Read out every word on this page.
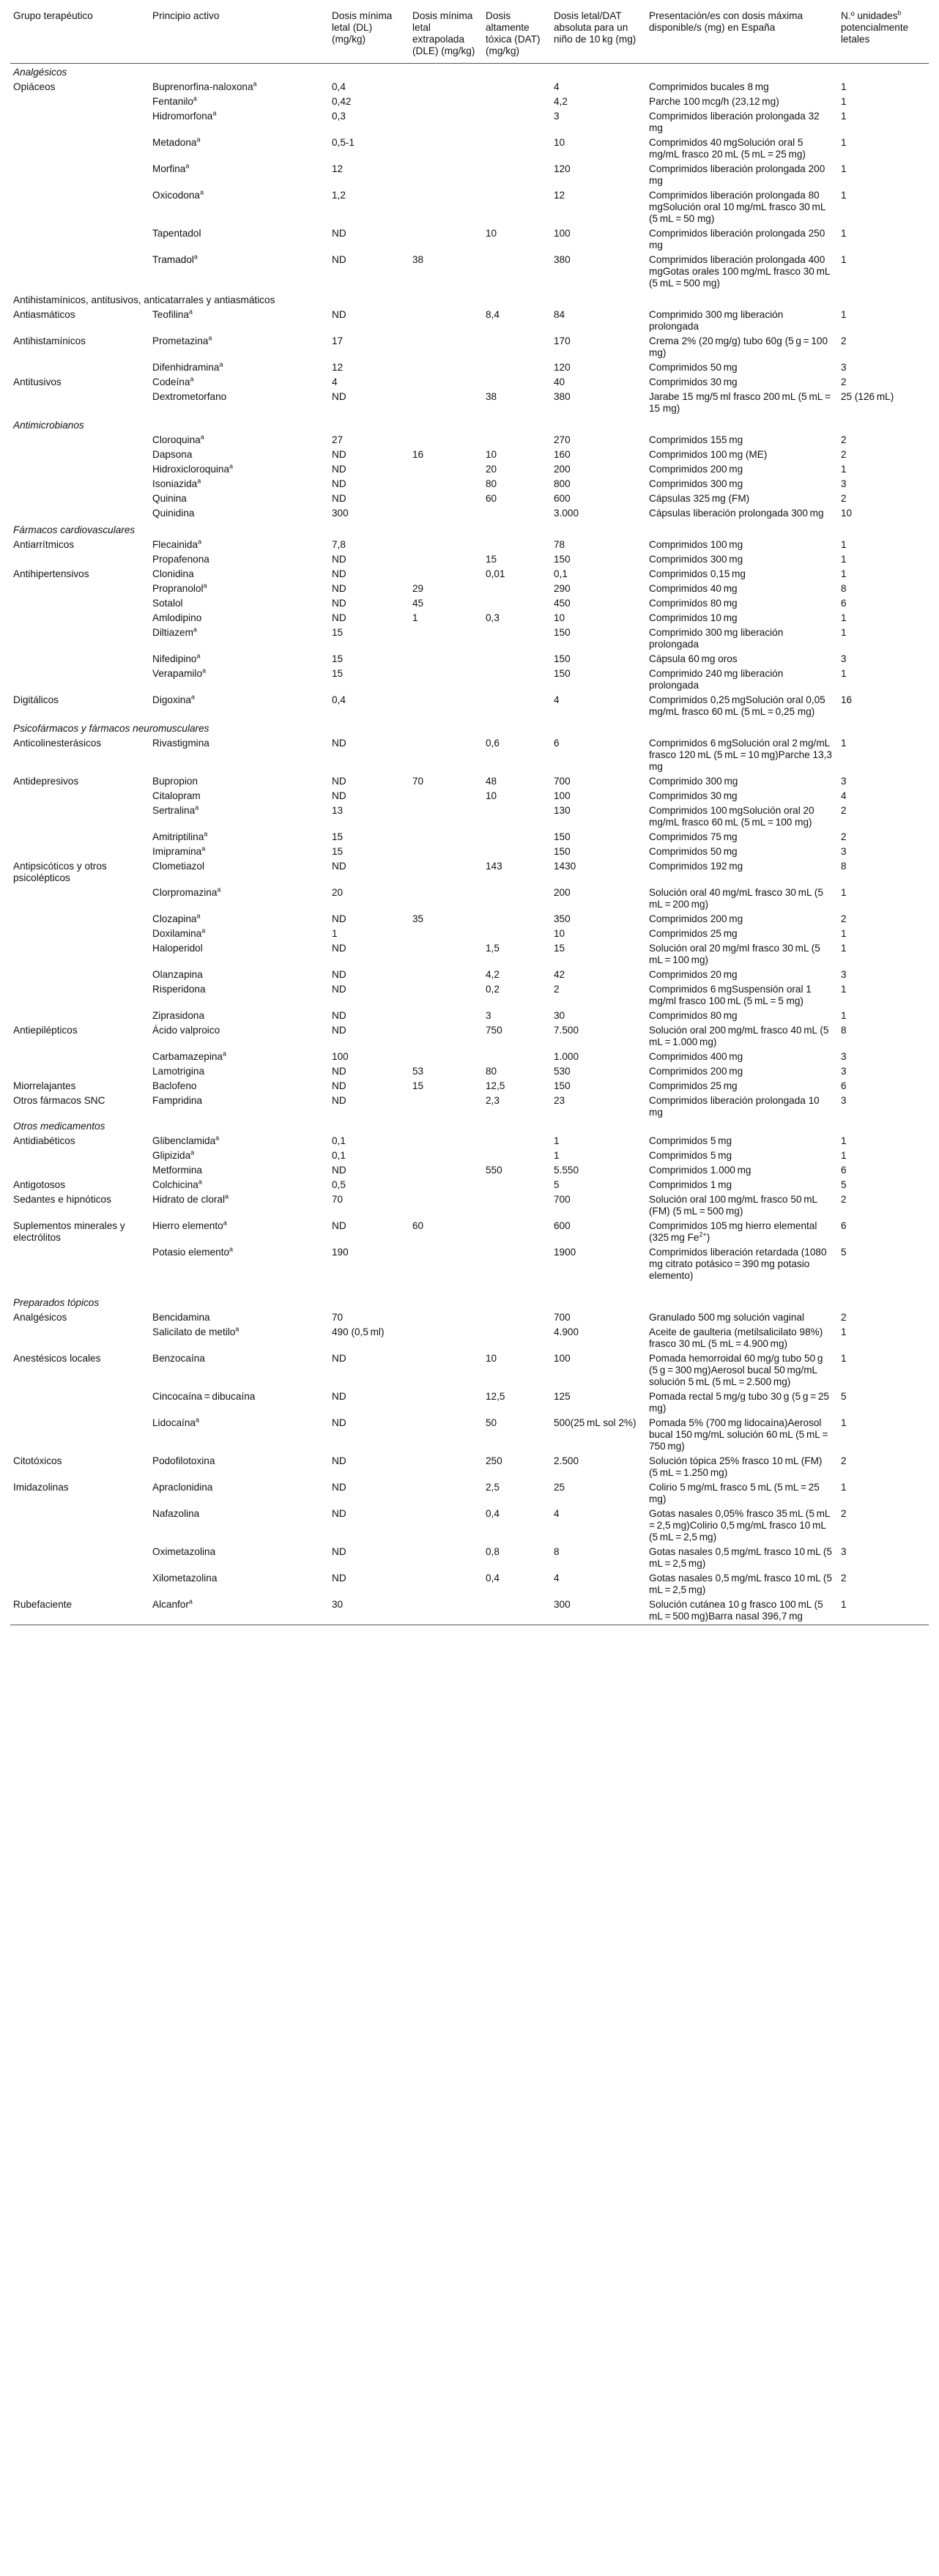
Grupo terapéutico	Principio activo	Dosis mínima letal (DL) (mg/kg)	Dosis mínima letal extrapolada (DLE) (mg/kg)	Dosis altamente tóxica (DAT) (mg/kg)	Dosis letal/DAT absoluta para un niño de 10 kg (mg)	Presentación/es con dosis máxima disponible/s (mg) en España	N.º unidades$^b$ potencialmente letales
Analgésicos							
Opiáceos	Buprenorfina-naloxona$^a$	0,4			4	Comprimidos bucales 8 mg	1
	Fentanilo$^a$	0,42			4,2	Parche 100 mcg/h (23,12 mg)	1
	Hidromorfona$^a$	0,3			3	Comprimidos liberación prolongada 32 mg	1
	Metadona$^a$	0,5-1			10	Comprimidos 40 mgSolución oral 5 mg/mL frasco 20 mL (5 mL = 25 mg)	1
	Morfina$^a$	12			120	Comprimidos liberación prolongada 200 mg	1
	Oxicodona$^a$	1,2			12	Comprimidos liberación prolongada 80 mgSolución oral 10 mg/mL frasco 30 mL (5 mL = 50 mg)	1
	Tapentadol	ND		10	100	Comprimidos liberación prolongada 250 mg	1
	Tramadol$^a$	ND	38		380	Comprimidos liberación prolongada 400 mgGotas orales 100 mg/mL frasco 30 mL (5 mL = 500 mg)	1
Antihistamínicos, antitusivos, anticatarrales y antiasmáticos							
Antiasmáticos	Teofilina$^a$	ND		8,4	84	Comprimido 300 mg liberación prolongada	1
Antihistamínicos	Prometazina$^a$	17			170	Crema 2% (20 mg/g) tubo 60g (5 g = 100 mg)	2
	Difenhidramina$^a$	12			120	Comprimidos 50 mg	3
Antitusivos	Codeína$^a$	4			40	Comprimidos 30 mg	2
	Dextrometorfano	ND		38	380	Jarabe 15 mg/5 ml frasco 200 mL (5 mL = 15 mg)	25 (126 mL)
Antimicrobianos							
	Cloroquina$^a$	27			270	Comprimidos 155 mg	2
	Dapsona	ND	16	10	160	Comprimidos 100 mg (ME)	2
	Hidroxicloroquina$^a$	ND		20	200	Comprimidos 200 mg	1
	Isoniazida$^a$	ND		80	800	Comprimidos 300 mg	3
	Quinina	ND		60	600	Cápsulas 325 mg (FM)	2
	Quinidina	300			3.000	Cápsulas liberación prolongada 300 mg	10
Fármacos cardiovasculares							
Antiarrítmicos	Flecainida$^a$	7,8			78	Comprimidos 100 mg	1
	Propafenona	ND		15	150	Comprimidos 300 mg	1
Antihipertensivos	Clonidina	ND		0,01	0,1	Comprimidos 0,15 mg	1
	Propranolol$^a$	ND	29		290	Comprimidos 40 mg	8
	Sotalol	ND	45		450	Comprimidos 80 mg	6
	Amlodipino	ND	1	0,3	10	Comprimidos 10 mg	1
	Diltiazem$^a$	15			150	Comprimido 300 mg liberación prolongada	1
	Nifedipino$^a$	15			150	Cápsula 60 mg oros	3
	Verapamilo$^a$	15			150	Comprimido 240 mg liberación prolongada	1
Digitálicos	Digoxina$^a$	0,4			4	Comprimidos 0,25 mgSolución oral 0,05 mg/mL frasco 60 mL (5 mL = 0,25 mg)	16
Psicofármacos y fármacos neuromusculares							
Anticolinesterásicos	Rivastigmina	ND		0,6	6	Comprimidos 6 mgSolución oral 2 mg/mL frasco 120 mL (5 mL = 10 mg)Parche 13,3 mg	1
Antidepresivos	Bupropion	ND	70	48	700	Comprimido 300 mg	3
	Citalopram	ND		10	100	Comprimidos 30 mg	4
	Sertralina$^a$	13			130	Comprimidos 100 mgSolución oral 20 mg/mL frasco 60 mL (5 mL = 100 mg)	2
	Amitriptilina$^a$	15			150	Comprimidos 75 mg	2
	Imipramina$^a$	15			150	Comprimidos 50 mg	3
Antipsicóticos y otros psicolépticos	Clometiazol	ND		143	1430	Comprimidos 192 mg	8
	Clorpromazina$^a$	20			200	Solución oral 40 mg/mL frasco 30 mL (5 mL = 200 mg)	1
	Clozapina$^a$	ND	35		350	Comprimidos 200 mg	2
	Doxilamina$^a$	1			10	Comprimidos 25 mg	1
	Haloperidol	ND		1,5	15	Solución oral 20 mg/ml frasco 30 mL (5 mL = 100 mg)	1
	Olanzapina	ND		4,2	42	Comprimidos 20 mg	3
	Risperidona	ND		0,2	2	Comprimidos 6 mgSuspensión oral 1 mg/ml frasco 100 mL (5 mL = 5 mg)	1
	Ziprasidona	ND		3	30	Comprimidos 80 mg	1
Antiepilépticos	Ácido valproico	ND		750	7.500	Solución oral 200 mg/mL frasco 40 mL (5 mL = 1.000 mg)	8
	Carbamazepina$^a$	100			1.000	Comprimidos 400 mg	3
	Lamotrigina	ND	53	80	530	Comprimidos 200 mg	3
Miorrelajantes	Baclofeno	ND	15	12,5	150	Comprimidos 25 mg	6
Otros fármacos SNC	Fampridina	ND		2,3	23	Comprimidos liberación prolongada 10 mg	3
Otros medicamentos							
Antidiabéticos	Glibenclamida$^a$	0,1			1	Comprimidos 5 mg	1
	Glipizida$^a$	0,1			1	Comprimidos 5 mg	1
	Metformina	ND		550	5.550	Comprimidos 1.000 mg	6
Antigotosos	Colchicina$^a$	0,5			5	Comprimidos 1 mg	5
Sedantes e hipnóticos	Hidrato de cloral$^a$	70			700	Solución oral 100 mg/mL frasco 50 mL (FM) (5 mL = 500 mg)	2
Suplementos minerales y electrólitos	Hierro elemento$^a$	ND	60		600	Comprimidos 105 mg hierro elemental (325 mg $Fe^{2+}$)	6
	Potasio elemento$^a$	190			1900	Comprimidos liberación retardada (1080 mg citrato potásico = 390 mg potasio elemento)	5
Preparados tópicos							
Analgésicos	Bencidamina	70			700	Granulado 500 mg solución vaginal	2
	Salicilato de metilo$^a$	490 (0,5 ml)			4.900	Aceite de gaulteria (metilsalicilato 98%) frasco 30 mL (5 mL = 4.900 mg)	1
Anestésicos locales	Benzocaína	ND		10	100	Pomada hemorroidal 60 mg/g tubo 50 g (5 g = 300 mg)Aerosol bucal 50 mg/mL solución 5 mL (5 mL = 2.500 mg)	1
	Cincocaína = dibucaína	ND		12,5	125	Pomada rectal 5 mg/g tubo 30 g (5 g = 25 mg)	5
	Lidocaína$^a$	ND		50	500(25 mL sol 2%)	Pomada 5% (700 mg lidocaína)Aerosol bucal 150 mg/mL solución 60 mL (5 mL = 750 mg)	1
Citotóxicos	Podofilotoxina	ND		250	2.500	Solución tópica 25% frasco 10 mL (FM) (5 mL = 1.250 mg)	2
Imidazolinas	Apraclonidina	ND		2,5	25	Colirio 5 mg/mL frasco 5 mL (5 mL = 25 mg)	1
	Nafazolina	ND		0,4	4	Gotas nasales 0,05% frasco 35 mL (5 mL = 2,5 mg)Colirio 0,5 mg/mL frasco 10 mL (5 mL = 2,5 mg)	2
	Oximetazolina	ND		0,8	8	Gotas nasales 0,5 mg/mL frasco 10 mL (5 mL = 2,5 mg)	3
	Xilometazolina	ND		0,4	4	Gotas nasales 0,5 mg/mL frasco 10 mL (5 mL = 2,5 mg)	2
Rubefaciente	Alcanfor$^a$	30			300	Solución cutánea 10 g frasco 100 mL (5 mL = 500 mg)Barra nasal 396,7 mg	1
